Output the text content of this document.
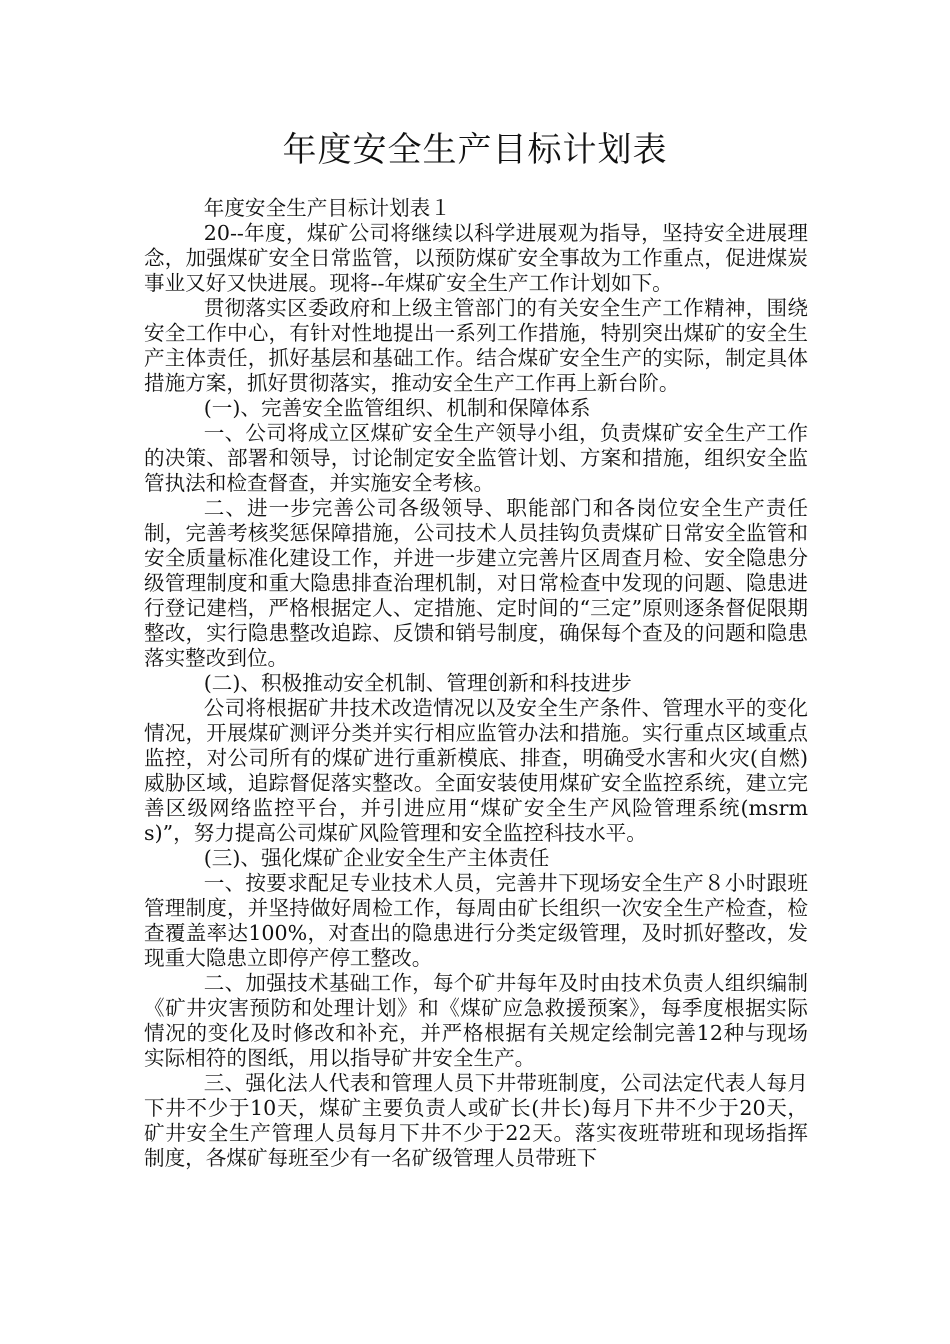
年度安全生产目标计划表

年度安全生产目标计划表１

20--年度，煤矿公司将继续以科学进展观为指导，坚持安全进展理念，加强煤矿安全日常监管，以预防煤矿安全事故为工作重点，促进煤炭事业又好又快进展。现将--年煤矿安全生产工作计划如下。

贯彻落实区委政府和上级主管部门的有关安全生产工作精神，围绕安全工作中心，有针对性地提出一系列工作措施，特别突出煤矿的安全生产主体责任，抓好基层和基础工作。结合煤矿安全生产的实际，制定具体措施方案，抓好贯彻落实，推动安全生产工作再上新台阶。

(一)、完善安全监管组织、机制和保障体系

一、公司将成立区煤矿安全生产领导小组，负责煤矿安全生产工作的决策、部署和领导，讨论制定安全监管计划、方案和措施，组织安全监管执法和检查督查，并实施安全考核。

二、进一步完善公司各级领导、职能部门和各岗位安全生产责任制，完善考核奖惩保障措施，公司技术人员挂钩负责煤矿日常安全监管和安全质量标准化建设工作，并进一步建立完善片区周查月检、安全隐患分级管理制度和重大隐患排查治理机制，对日常检查中发现的问题、隐患进行登记建档，严格根据定人、定措施、定时间的“三定”原则逐条督促限期整改，实行隐患整改追踪、反馈和销号制度，确保每个查及的问题和隐患落实整改到位。

(二)、积极推动安全机制、管理创新和科技进步

公司将根据矿井技术改造情况以及安全生产条件、管理水平的变化情况，开展煤矿测评分类并实行相应监管办法和措施。实行重点区域重点监控，对公司所有的煤矿进行重新模底、排查，明确受水害和火灾(自燃)威胁区域，追踪督促落实整改。全面安装使用煤矿安全监控系统，建立完善区级网络监控平台，并引进应用“煤矿安全生产风险管理系统(msrms)”，努力提高公司煤矿风险管理和安全监控科技水平。

(三)、强化煤矿企业安全生产主体责任

一、按要求配足专业技术人员，完善井下现场安全生产８小时跟班管理制度，并坚持做好周检工作，每周由矿长组织一次安全生产检查，检查覆盖率达100%，对查出的隐患进行分类定级管理，及时抓好整改，发现重大隐患立即停产停工整改。

二、加强技术基础工作，每个矿井每年及时由技术负责人组织编制《矿井灾害预防和处理计划》和《煤矿应急救援预案》，每季度根据实际情况的变化及时修改和补充，并严格根据有关规定绘制完善12种与现场实际相符的图纸，用以指导矿井安全生产。

三、强化法人代表和管理人员下井带班制度，公司法定代表人每月下井不少于10天，煤矿主要负责人或矿长(井长)每月下井不少于20天，矿井安全生产管理人员每月下井不少于22天。落实夜班带班和现场指挥制度，各煤矿每班至少有一名矿级管理人员带班下
